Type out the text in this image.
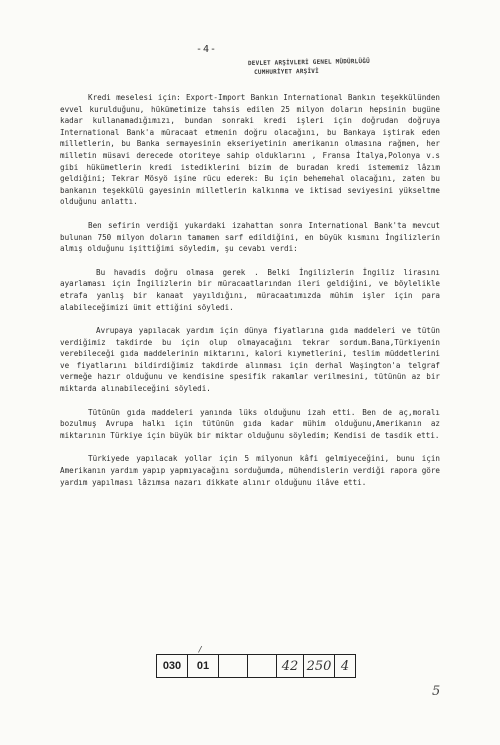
-4-
DEVLET ARŞİVLERİ GENEL MÜDÜRLÜĞÜ
CUMHURİYET ARŞİVİ

Kredi meselesi için: Export-Import Bankın International Bankın teşekkülünden evvel kurulduğunu, hükümetimize tahsis edilen 25 milyon doların hepsinin bugüne kadar kullanamadığımızı, bundan sonraki kredi işleri için doğrudan doğruya International Bank'a müracaat etmenin doğru olacağını, bu Bankaya iştirak eden milletlerin, bu Banka sermayesinin ekseriyetinin amerikanın olmasına rağmen, her milletin müsavi derecede otoriteye sahip olduklarını , Fransa İtalya,Polonya v.s gibi hükümetlerin kredi istediklerini bizim de buradan kredi istememiz lâzım geldiğini; Tekrar Mösyö işine rücu ederek: Bu için behemehal olacağını, zaten bu bankanın teşekkülü gayesinin milletlerin kalkınma ve iktisad seviyesini yükseltme olduğunu anlattı.

Ben sefirin verdiği yukardaki izahattan sonra International Bank'ta mevcut bulunan 750 milyon doların tamamen sarf edildiğini, en büyük kısmını İngilizlerin almış olduğunu işittiğimi söyledim, şu cevabı verdi:

Bu havadis doğru olmasa gerek . Belki İngilizlerin İngiliz lirasını ayarlaması için İngilizlerin bir müracaatlarından ileri geldiğini, ve böylelikle etrafa yanlış bir kanaat yayıldığını, müracaatımızda mühim işler için para alabileceğimizi ümit ettiğini söyledi.

Avrupaya yapılacak yardım için dünya fiyatlarına gıda maddeleri ve tütün verdiğimiz takdirde bu için olup olmayacağını tekrar sordum.Bana,Türkiyenin verebileceği gıda maddelerinin miktarını, kalori kıymetlerini, teslim müddetlerini ve fiyatlarını bildirdiğimiz takdirde alınması için derhal Waşington'a telgraf vermeğe hazır olduğunu ve kendisine spesifik rakamlar verilmesini, tütünün az bir miktarda alınabileceğini söyledi.

Tütünün gıda maddeleri yanında lüks olduğunu izah etti. Ben de aç,moralı bozulmuş Avrupa halkı için tütünün gıda kadar mühim olduğunu,Amerikanın az miktarının Türkiye için büyük bir miktar olduğunu söyledim; Kendisi de tasdik etti.

Türkiyede yapılacak yollar için 5 milyonun kâfi gelmiyeceğini, bunu için Amerikanın yardım yapıp yapmıyacağını sorduğumda, mühendislerin verdiği rapora göre yardım yapılması lâzımsa nazarı dikkate alınır olduğunu ilâve etti.

/
030	01	42 250 4
5
